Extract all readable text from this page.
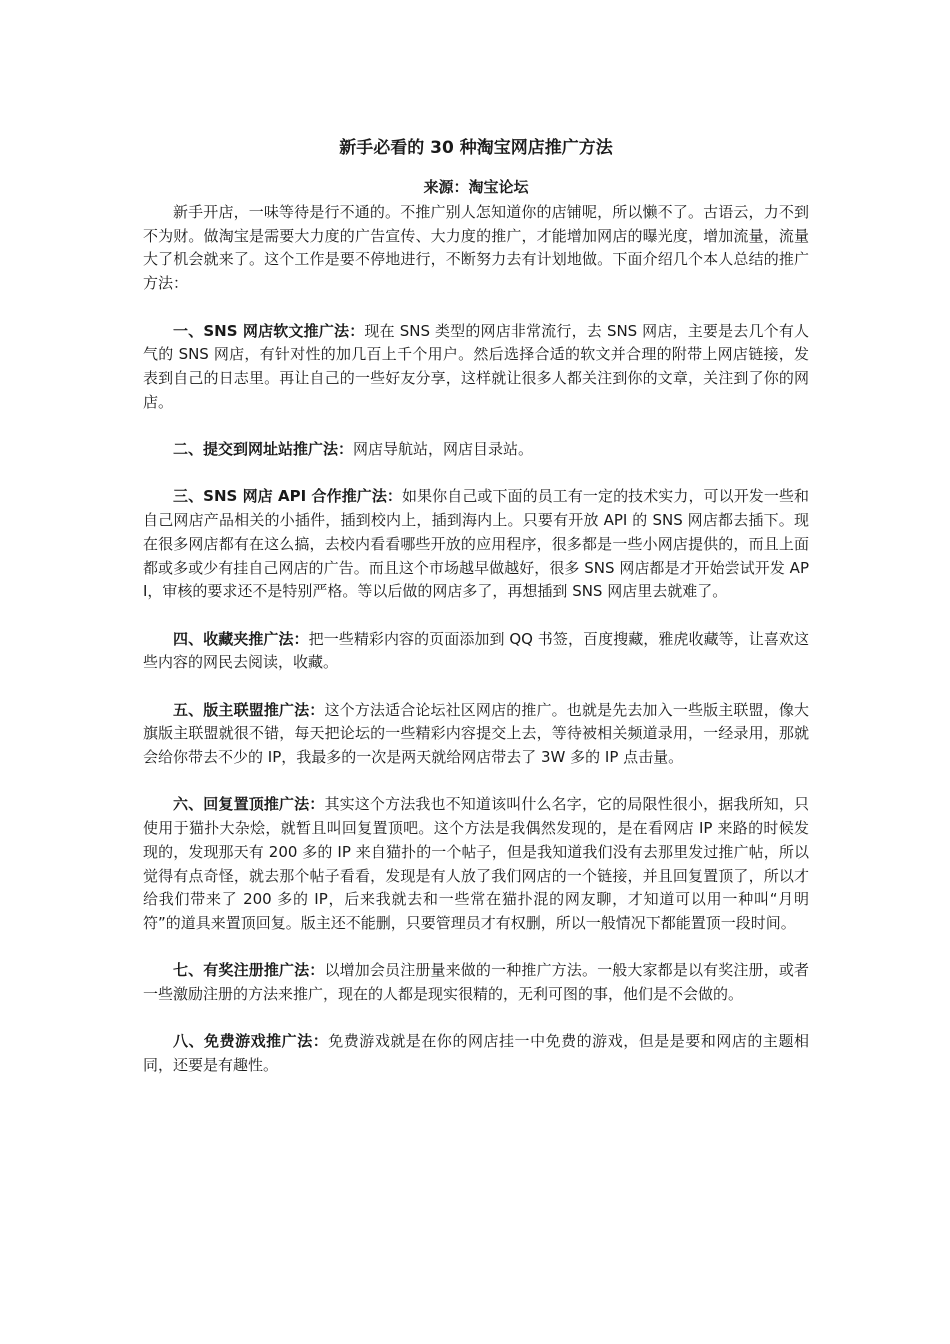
新手必看的 30 种淘宝网店推广方法
来源：淘宝论坛

新手开店，一味等待是行不通的。不推广别人怎知道你的店铺呢，所以懒不了。古语云，力不到不为财。做淘宝是需要大力度的广告宣传、大力度的推广，才能增加网店的曝光度，增加流量，流量大了机会就来了。这个工作是要不停地进行，不断努力去有计划地做。下面介绍几个本人总结的推广方法：

一、SNS 网店软文推广法：现在 SNS 类型的网店非常流行，去 SNS 网店，主要是去几个有人气的 SNS 网店，有针对性的加几百上千个用户。然后选择合适的软文并合理的附带上网店链接，发表到自己的日志里。再让自己的一些好友分享，这样就让很多人都关注到你的文章，关注到了你的网店。

二、提交到网址站推广法：网店导航站，网店目录站。

三、SNS 网店 API 合作推广法：如果你自己或下面的员工有一定的技术实力，可以开发一些和自己网店产品相关的小插件，插到校内上，插到海内上。只要有开放 API 的 SNS 网店都去插下。现在很多网店都有在这么搞，去校内看看哪些开放的应用程序，很多都是一些小网店提供的，而且上面都或多或少有挂自己网店的广告。而且这个市场越早做越好，很多 SNS 网店都是才开始尝试开发 API，审核的要求还不是特别严格。等以后做的网店多了，再想插到 SNS 网店里去就难了。

四、收藏夹推广法：把一些精彩内容的页面添加到 QQ 书签，百度搜藏，雅虎收藏等，让喜欢这些内容的网民去阅读，收藏。

五、版主联盟推广法：这个方法适合论坛社区网店的推广。也就是先去加入一些版主联盟，像大旗版主联盟就很不错，每天把论坛的一些精彩内容提交上去，等待被相关频道录用，一经录用，那就会给你带去不少的 IP，我最多的一次是两天就给网店带去了 3W 多的 IP 点击量。

六、回复置顶推广法：其实这个方法我也不知道该叫什么名字，它的局限性很小，据我所知，只使用于猫扑大杂烩，就暂且叫回复置顶吧。这个方法是我偶然发现的，是在看网店 IP 来路的时候发现的，发现那天有 200 多的 IP 来自猫扑的一个帖子，但是我知道我们没有去那里发过推广帖，所以觉得有点奇怪，就去那个帖子看看，发现是有人放了我们网店的一个链接，并且回复置顶了，所以才给我们带来了 200 多的 IP，后来我就去和一些常在猫扑混的网友聊，才知道可以用一种叫“月明符”的道具来置顶回复。版主还不能删，只要管理员才有权删，所以一般情况下都能置顶一段时间。

七、有奖注册推广法：以增加会员注册量来做的一种推广方法。一般大家都是以有奖注册，或者一些激励注册的方法来推广，现在的人都是现实很精的，无利可图的事，他们是不会做的。

八、免费游戏推广法：免费游戏就是在你的网店挂一中免费的游戏，但是是要和网店的主题相同，还要是有趣性。
